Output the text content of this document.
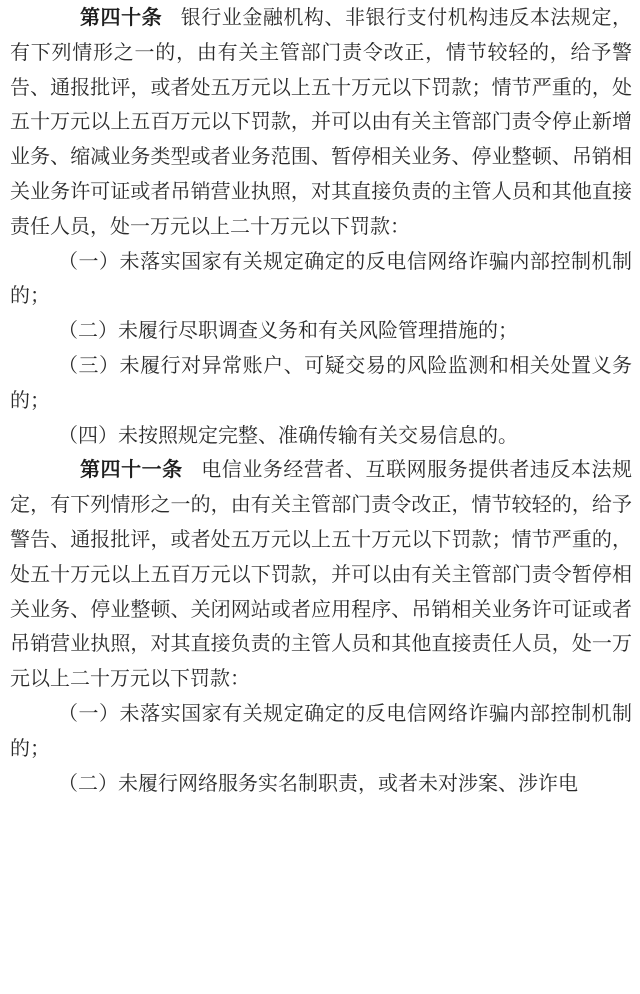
第四十条 银行业金融机构、非银行支付机构违反本法规定，有下列情形之一的，由有关主管部门责令改正，情节较轻的，给予警告、通报批评，或者处五万元以上五十万元以下罚款；情节严重的，处五十万元以上五百万元以下罚款，并可以由有关主管部门责令停止新增业务、缩减业务类型或者业务范围、暂停相关业务、停业整顿、吊销相关业务许可证或者吊销营业执照，对其直接负责的主管人员和其他直接责任人员，处一万元以上二十万元以下罚款：

（一）未落实国家有关规定确定的反电信网络诈骗内部控制机制的；

（二）未履行尽职调查义务和有关风险管理措施的；

（三）未履行对异常账户、可疑交易的风险监测和相关处置义务的；

（四）未按照规定完整、准确传输有关交易信息的。

第四十一条 电信业务经营者、互联网服务提供者违反本法规定，有下列情形之一的，由有关主管部门责令改正，情节较轻的，给予警告、通报批评，或者处五万元以上五十万元以下罚款；情节严重的，处五十万元以上五百万元以下罚款，并可以由有关主管部门责令暂停相关业务、停业整顿、关闭网站或者应用程序、吊销相关业务许可证或者吊销营业执照，对其直接负责的主管人员和其他直接责任人员，处一万元以上二十万元以下罚款：

（一）未落实国家有关规定确定的反电信网络诈骗内部控制机制的；

（二）未履行网络服务实名制职责，或者未对涉案、涉诈电
